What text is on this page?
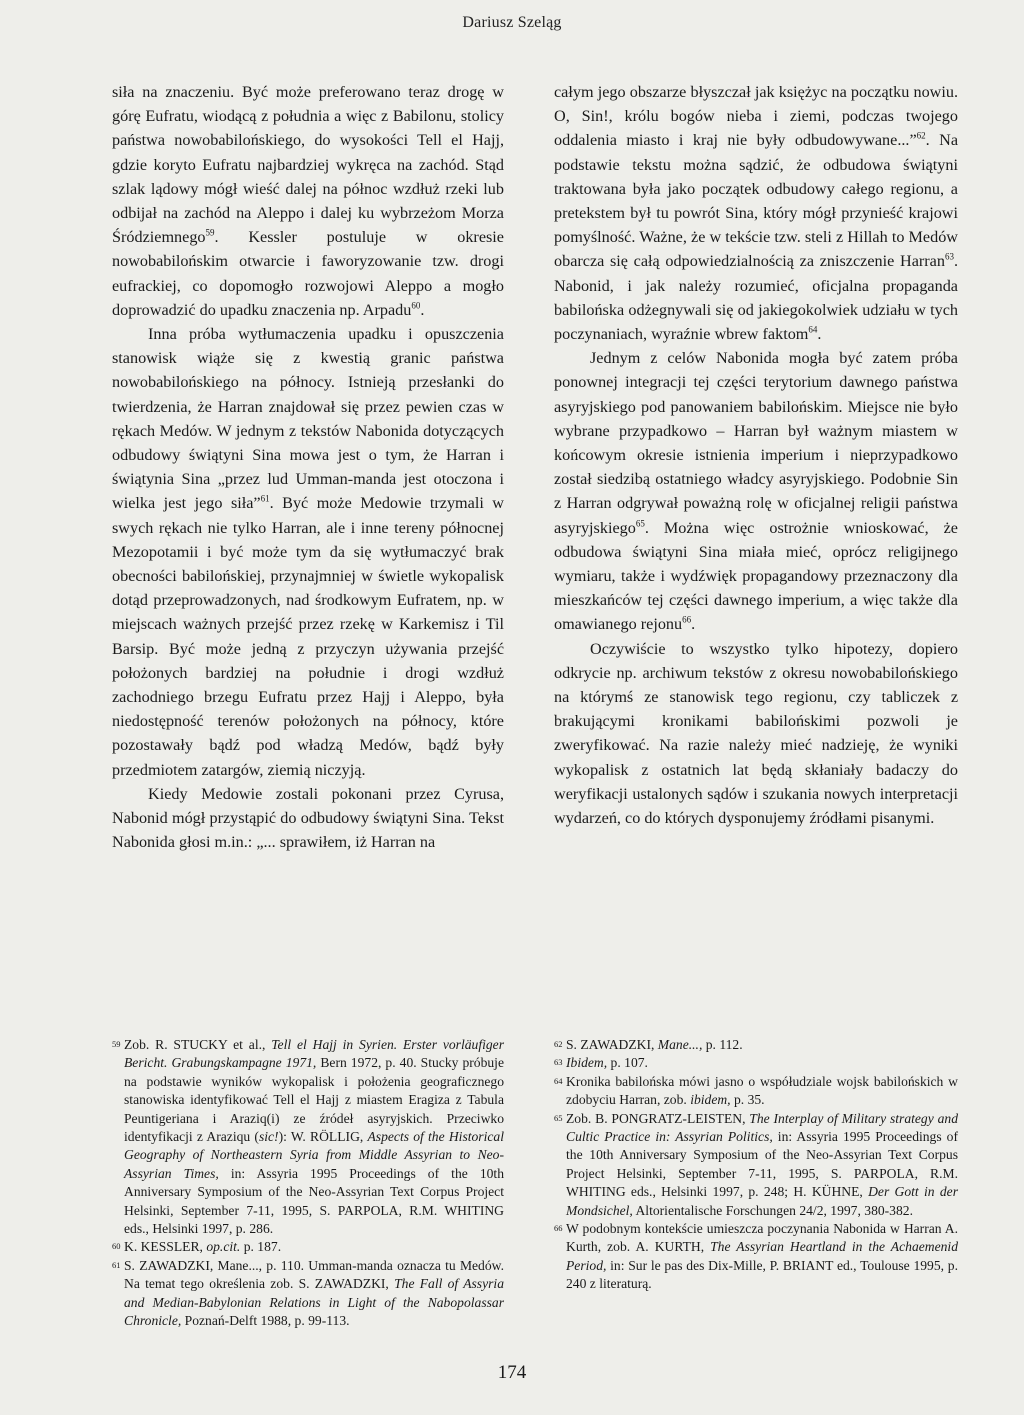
Dariusz Szeląg

siła na znaczeniu. Być może preferowano teraz drogę w górę Eufratu, wiodącą z południa a więc z Babilonu, stolicy państwa nowobabilońskiego, do wysokości Tell el Hajj, gdzie koryto Eufratu najbardziej wykręca na zachód. Stąd szlak lądowy mógł wieść dalej na północ wzdłuż rzeki lub odbijał na zachód na Aleppo i dalej ku wybrzeżom Morza Śródziemnego$^{59}$. Kessler postuluje w okresie nowobabilońskim otwarcie i faworyzowanie tzw. drogi eufrackiej, co dopomogło rozwojowi Aleppo a mogło doprowadzić do upadku znaczenia np. Arpadu$^{60}$.

Inna próba wytłumaczenia upadku i opuszczenia stanowisk wiąże się z kwestią granic państwa nowobabilońskiego na północy. Istnieją przesłanki do twierdzenia, że Harran znajdował się przez pewien czas w rękach Medów. W jednym z tekstów Nabonida dotyczących odbudowy świątyni Sina mowa jest o tym, że Harran i świątynia Sina „przez lud Umman-manda jest otoczona i wielka jest jego siła”$^{61}$. Być może Medowie trzymali w swych rękach nie tylko Harran, ale i inne tereny północnej Mezopotamii i być może tym da się wytłumaczyć brak obecności babilońskiej, przynajmniej w świetle wykopalisk dotąd przeprowadzonych, nad środkowym Eufratem, np. w miejscach ważnych przejść przez rzekę w Karkemisz i Til Barsip. Być może jedną z przyczyn używania przejść położonych bardziej na południe i drogi wzdłuż zachodniego brzegu Eufratu przez Hajj i Aleppo, była niedostępność terenów położonych na północy, które pozostawały bądź pod władzą Medów, bądź były przedmiotem zatargów, ziemią niczyją.

Kiedy Medowie zostali pokonani przez Cyrusa, Nabonid mógł przystąpić do odbudowy świątyni Sina. Tekst Nabonida głosi m.in.: „... sprawiłem, iż Harran na

całym jego obszarze błyszczał jak księżyc na początku nowiu. O, Sin!, królu bogów nieba i ziemi, podczas twojego oddalenia miasto i kraj nie były odbudowywane...”$^{62}$. Na podstawie tekstu można sądzić, że odbudowa świątyni traktowana była jako początek odbudowy całego regionu, a pretekstem był tu powrót Sina, który mógł przynieść krajowi pomyślność. Ważne, że w tekście tzw. steli z Hillah to Medów obarcza się całą odpowiedzialnością za zniszczenie Harran$^{63}$. Nabonid, i jak należy rozumieć, oficjalna propaganda babilońska odżegnywali się od jakiegokolwiek udziału w tych poczynaniach, wyraźnie wbrew faktom$^{64}$.

Jednym z celów Nabonida mogła być zatem próba ponownej integracji tej części terytorium dawnego państwa asyryjskiego pod panowaniem babilońskim. Miejsce nie było wybrane przypadkowo – Harran był ważnym miastem w końcowym okresie istnienia imperium i nieprzypadkowo został siedzibą ostatniego władcy asyryjskiego. Podobnie Sin z Harran odgrywał poważną rolę w oficjalnej religii państwa asyryjskiego$^{65}$. Można więc ostrożnie wnioskować, że odbudowa świątyni Sina miała mieć, oprócz religijnego wymiaru, także i wydźwięk propagandowy przeznaczony dla mieszkańców tej części dawnego imperium, a więc także dla omawianego rejonu$^{66}$.

Oczywiście to wszystko tylko hipotezy, dopiero odkrycie np. archiwum tekstów z okresu nowobabilońskiego na którymś ze stanowisk tego regionu, czy tabliczek z brakującymi kronikami babilońskimi pozwoli je zweryfikować. Na razie należy mieć nadzieję, że wyniki wykopalisk z ostatnich lat będą skłaniały badaczy do weryfikacji ustalonych sądów i szukania nowych interpretacji wydarzeń, co do których dysponujemy źródłami pisanymi.

59 Zob. R. STUCKY et al., Tell el Hajj in Syrien. Erster vorläufiger Bericht. Grabungskampagne 1971, Bern 1972, p. 40. Stucky próbuje na podstawie wyników wykopalisk i położenia geograficznego stanowiska identyfikować Tell el Hajj z miastem Eragiza z Tabula Peuntigeriana i Araziq(i) ze źródeł asyryjskich. Przeciwko identyfikacji z Araziqu (sic!): W. RÖLLIG, Aspects of the Historical Geography of Northeastern Syria from Middle Assyrian to Neo-Assyrian Times, in: Assyria 1995 Proceedings of the 10th Anniversary Symposium of the Neo-Assyrian Text Corpus Project Helsinki, September 7-11, 1995, S. PARPOLA, R.M. WHITING eds., Helsinki 1997, p. 286.
60 K. KESSLER, op.cit. p. 187.
61 S. ZAWADZKI, Mane..., p. 110. Umman-manda oznacza tu Medów. Na temat tego określenia zob. S. ZAWADZKI, The Fall of Assyria and Median-Babylonian Relations in Light of the Nabopolassar Chronicle, Poznań-Delft 1988, p. 99-113.
62 S. ZAWADZKI, Mane..., p. 112.
63 Ibidem, p. 107.
64 Kronika babilońska mówi jasno o współudziale wojsk babilońskich w zdobyciu Harran, zob. ibidem, p. 35.
65 Zob. B. PONGRATZ-LEISTEN, The Interplay of Military strategy and Cultic Practice in: Assyrian Politics, in: Assyria 1995 Proceedings of the 10th Anniversary Symposium of the Neo-Assyrian Text Corpus Project Helsinki, September 7-11, 1995, S. PARPOLA, R.M. WHITING eds., Helsinki 1997, p. 248; H. KÜHNE, Der Gott in der Mondsichel, Altorientalische Forschungen 24/2, 1997, 380-382.
66 W podobnym kontekście umieszcza poczynania Nabonida w Harran A. Kurth, zob. A. KURTH, The Assyrian Heartland in the Achaemenid Period, in: Sur le pas des Dix-Mille, P. BRIANT ed., Toulouse 1995, p. 240 z literaturą.
174
